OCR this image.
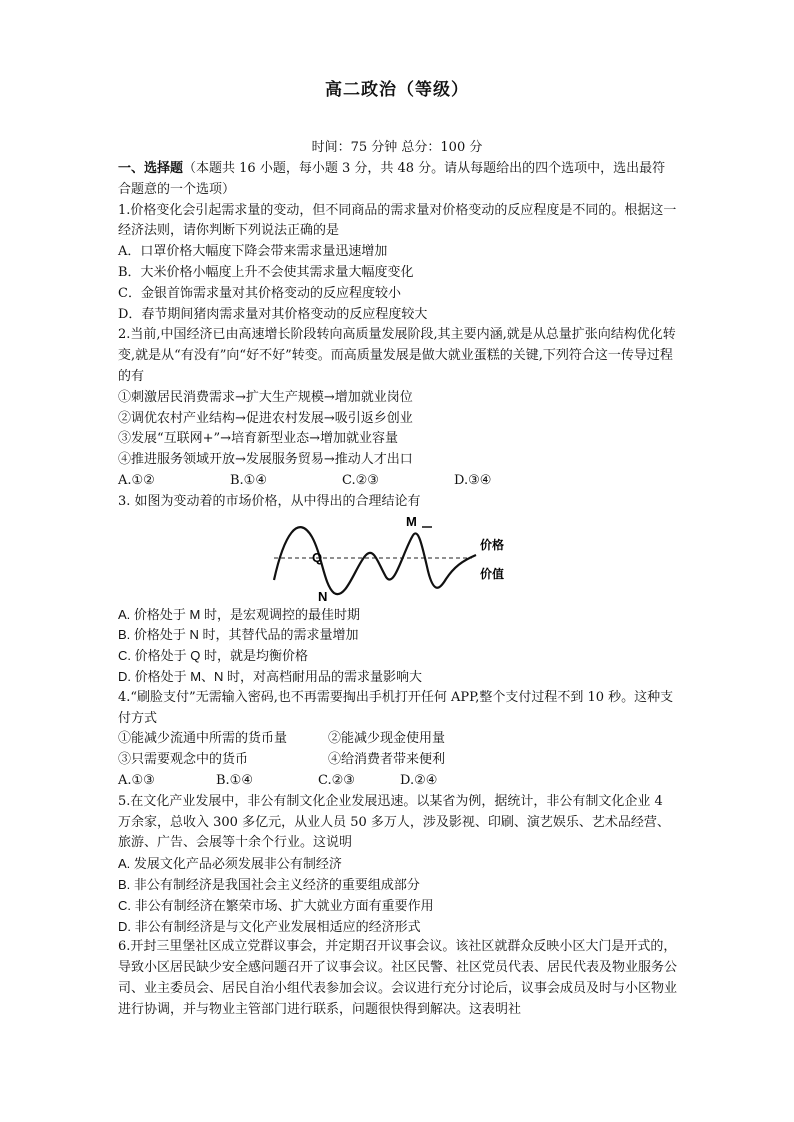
高二政治（等级）
时间：75 分钟 总分：100 分

一、选择题（本题共 16 小题，每小题 3 分，共 48 分。请从每题给出的四个选项中，选出最符合题意的一个选项）

1.价格变化会引起需求量的变动，但不同商品的需求量对价格变动的反应程度是不同的。根据这一经济法则，请你判断下列说法正确的是

A．口罩价格大幅度下降会带来需求量迅速增加

B．大米价格小幅度上升不会使其需求量大幅度变化

C．金银首饰需求量对其价格变动的反应程度较小

D．春节期间猪肉需求量对其价格变动的反应程度较大

2.当前,中国经济已由高速增长阶段转向高质量发展阶段,其主要内涵,就是从总量扩张向结构优化转变,就是从“有没有”向“好不好”转变。而高质量发展是做大就业蛋糕的关键,下列符合这一传导过程的有

①刺激居民消费需求→扩大生产规模→增加就业岗位

②调优农村产业结构→促进农村发展→吸引返乡创业

③发展“互联网+”→培育新型业态→增加就业容量

④推进服务领域开放→发展服务贸易→推动人才出口

A.①②	B.①④	C.②③	D.③④

3. 如图为变动着的市场价格，从中得出的合理结论有

M
Q
N
价格
价值

A. 价格处于 M 时，是宏观调控的最佳时期

B. 价格处于 N 时，其替代品的需求量增加

C. 价格处于 Q 时，就是均衡价格

D. 价格处于 M、N 时，对高档耐用品的需求量影响大

4.“刷脸支付”无需输入密码,也不再需要掏出手机打开任何 APP,整个支付过程不到 10 秒。这种支付方式

①能减少流通中所需的货币量	②能减少现金使用量
③只需要观念中的货币	④给消费者带来便利
A.①③	B.①④	C.②③	D.②④

5.在文化产业发展中，非公有制文化企业发展迅速。以某省为例，据统计，非公有制文化企业 4 万余家，总收入 300 多亿元，从业人员 50 多万人，涉及影视、印刷、演艺娱乐、艺术品经营、旅游、广告、会展等十余个行业。这说明

A. 发展文化产品必须发展非公有制经济

B. 非公有制经济是我国社会主义经济的重要组成部分

C. 非公有制经济在繁荣市场、扩大就业方面有重要作用

D. 非公有制经济是与文化产业发展相适应的经济形式

6.开封三里堡社区成立党群议事会，并定期召开议事会议。该社区就群众反映小区大门是开式的，导致小区居民缺少安全感问题召开了议事会议。社区民警、社区党员代表、居民代表及物业服务公司、业主委员会、居民自治小组代表参加会议。会议进行充分讨论后，议事会成员及时与小区物业进行协调，并与物业主管部门进行联系，问题很快得到解决。这表明社
